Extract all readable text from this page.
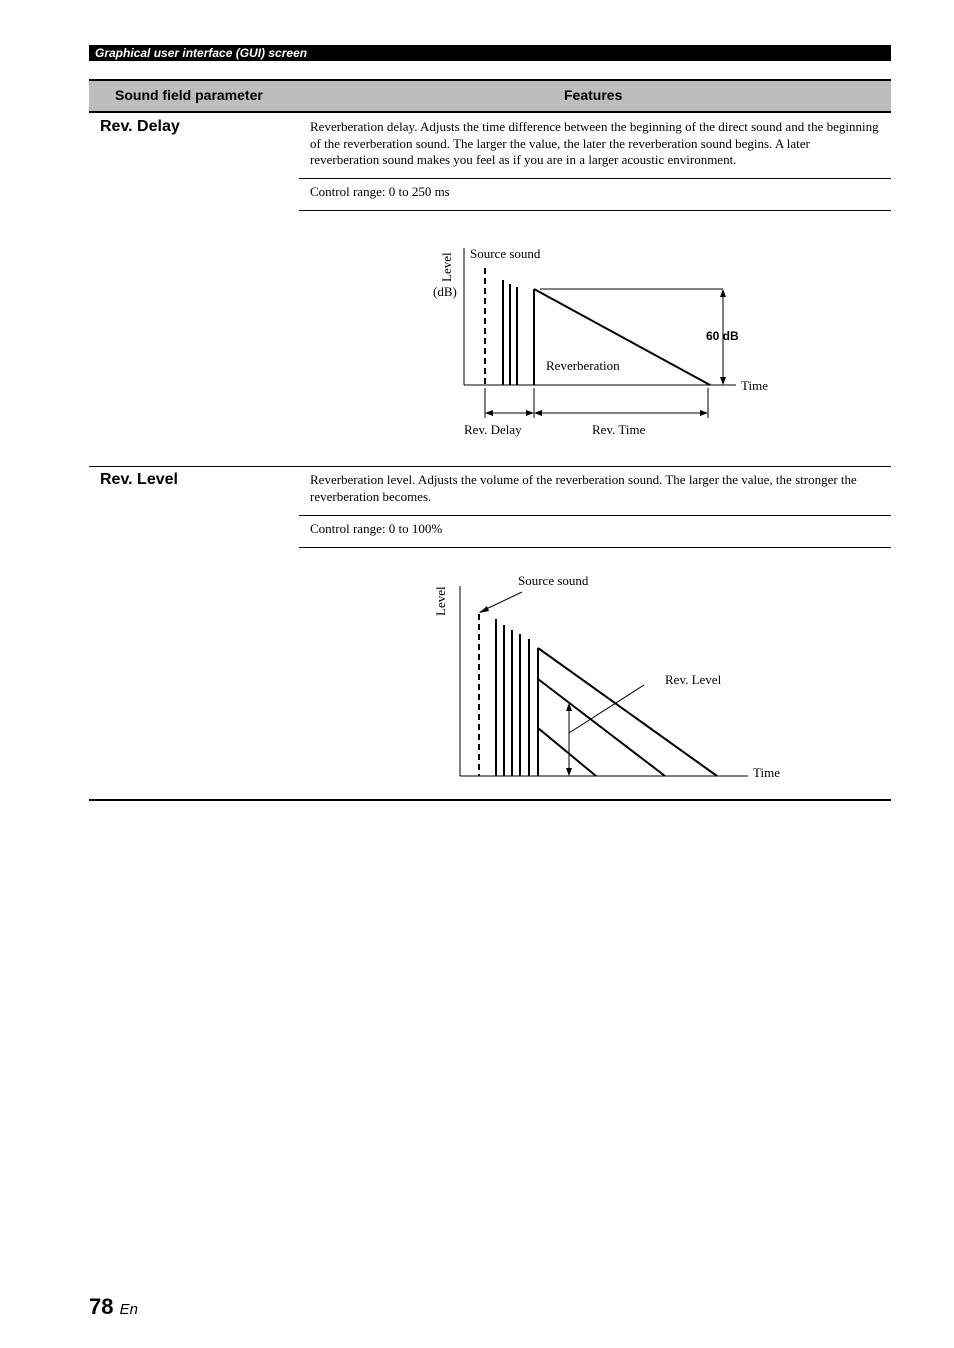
Graphical user interface (GUI) screen
Sound field parameter	Features
Rev. Delay	Reverberation delay. Adjusts the time difference between the beginning of the direct sound and the beginning of the reverberation sound. The larger the value, the later the reverberation sound begins. A later reverberation sound makes you feel as if you are in a larger acoustic environment.
Control range: 0 to 250 ms
Level
(dB)
Source sound
60 dB
Reverberation
Time
Rev. Delay	Rev. Time
Rev. Level	Reverberation level. Adjusts the volume of the reverberation sound. The larger the value, the stronger the reverberation becomes.
Control range: 0 to 100%
Level
Source sound
Rev. Level
Time
78 En
